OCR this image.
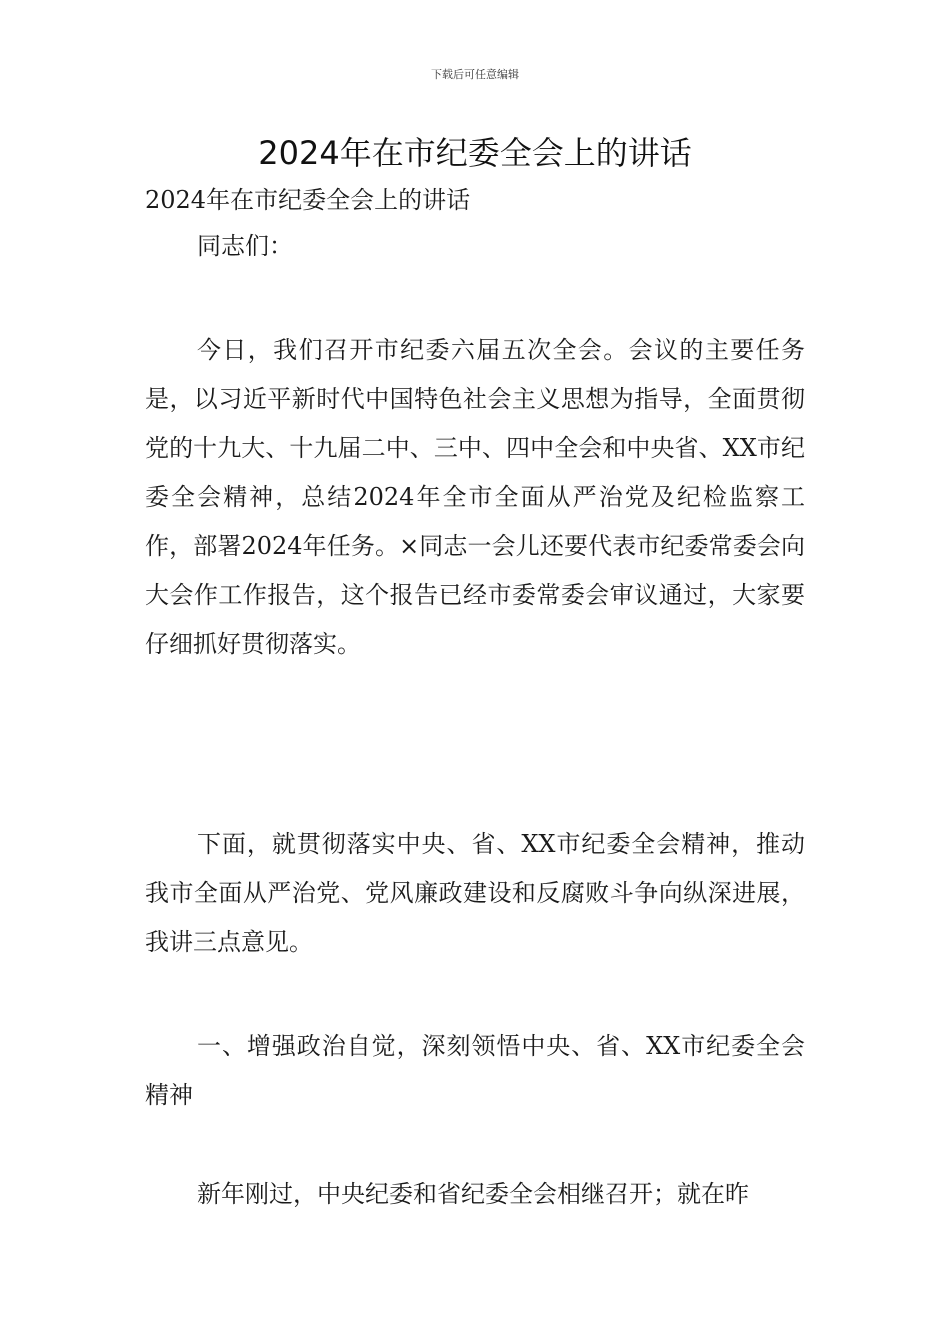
下载后可任意编辑
2024年在市纪委全会上的讲话

2024年在市纪委全会上的讲话

同志们：

今日，我们召开市纪委六届五次全会。会议的主要任务是，以习近平新时代中国特色社会主义思想为指导，全面贯彻党的十九大、十九届二中、三中、四中全会和中央省、XX市纪委全会精神，总结2024年全市全面从严治党及纪检监察工作，部署2024年任务。×同志一会儿还要代表市纪委常委会向大会作工作报告，这个报告已经市委常委会审议通过，大家要仔细抓好贯彻落实。

下面，就贯彻落实中央、省、XX市纪委全会精神，推动我市全面从严治党、党风廉政建设和反腐败斗争向纵深进展，我讲三点意见。

一、增强政治自觉，深刻领悟中央、省、XX市纪委全会精神

新年刚过，中央纪委和省纪委全会相继召开；就在昨
